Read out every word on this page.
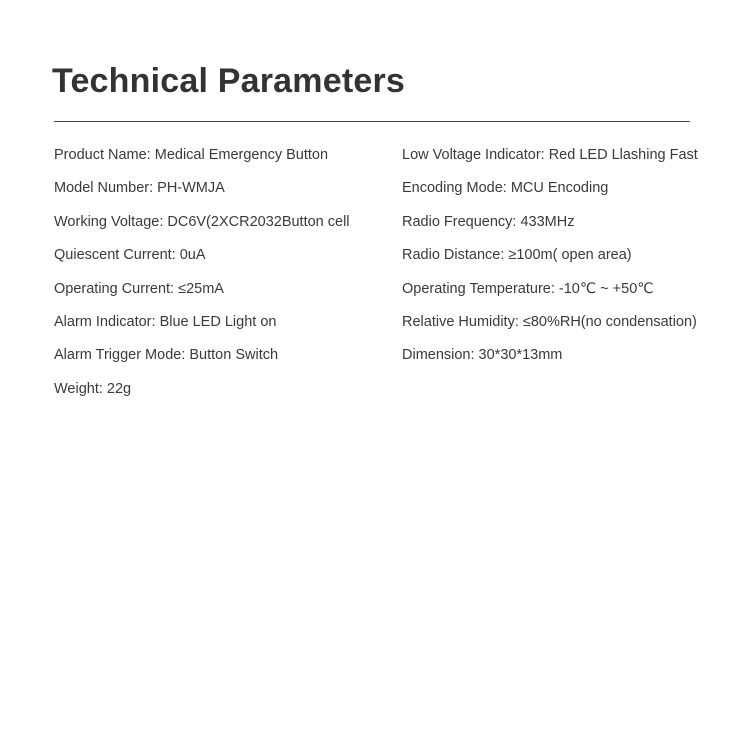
Technical Parameters
Product Name: Medical Emergency Button
Model Number: PH-WMJA
Working Voltage: DC6V(2XCR2032Button cell
Quiescent Current: 0uA
Operating Current: ≤25mA
Alarm Indicator: Blue LED Light on
Alarm Trigger Mode: Button Switch
Weight: 22g
Low Voltage Indicator: Red LED Llashing Fast
Encoding Mode: MCU Encoding
Radio Frequency: 433MHz
Radio Distance: ≥100m( open area)
Operating Temperature: -10℃ ~ +50℃
Relative Humidity: ≤80%RH(no condensation)
Dimension: 30*30*13mm
